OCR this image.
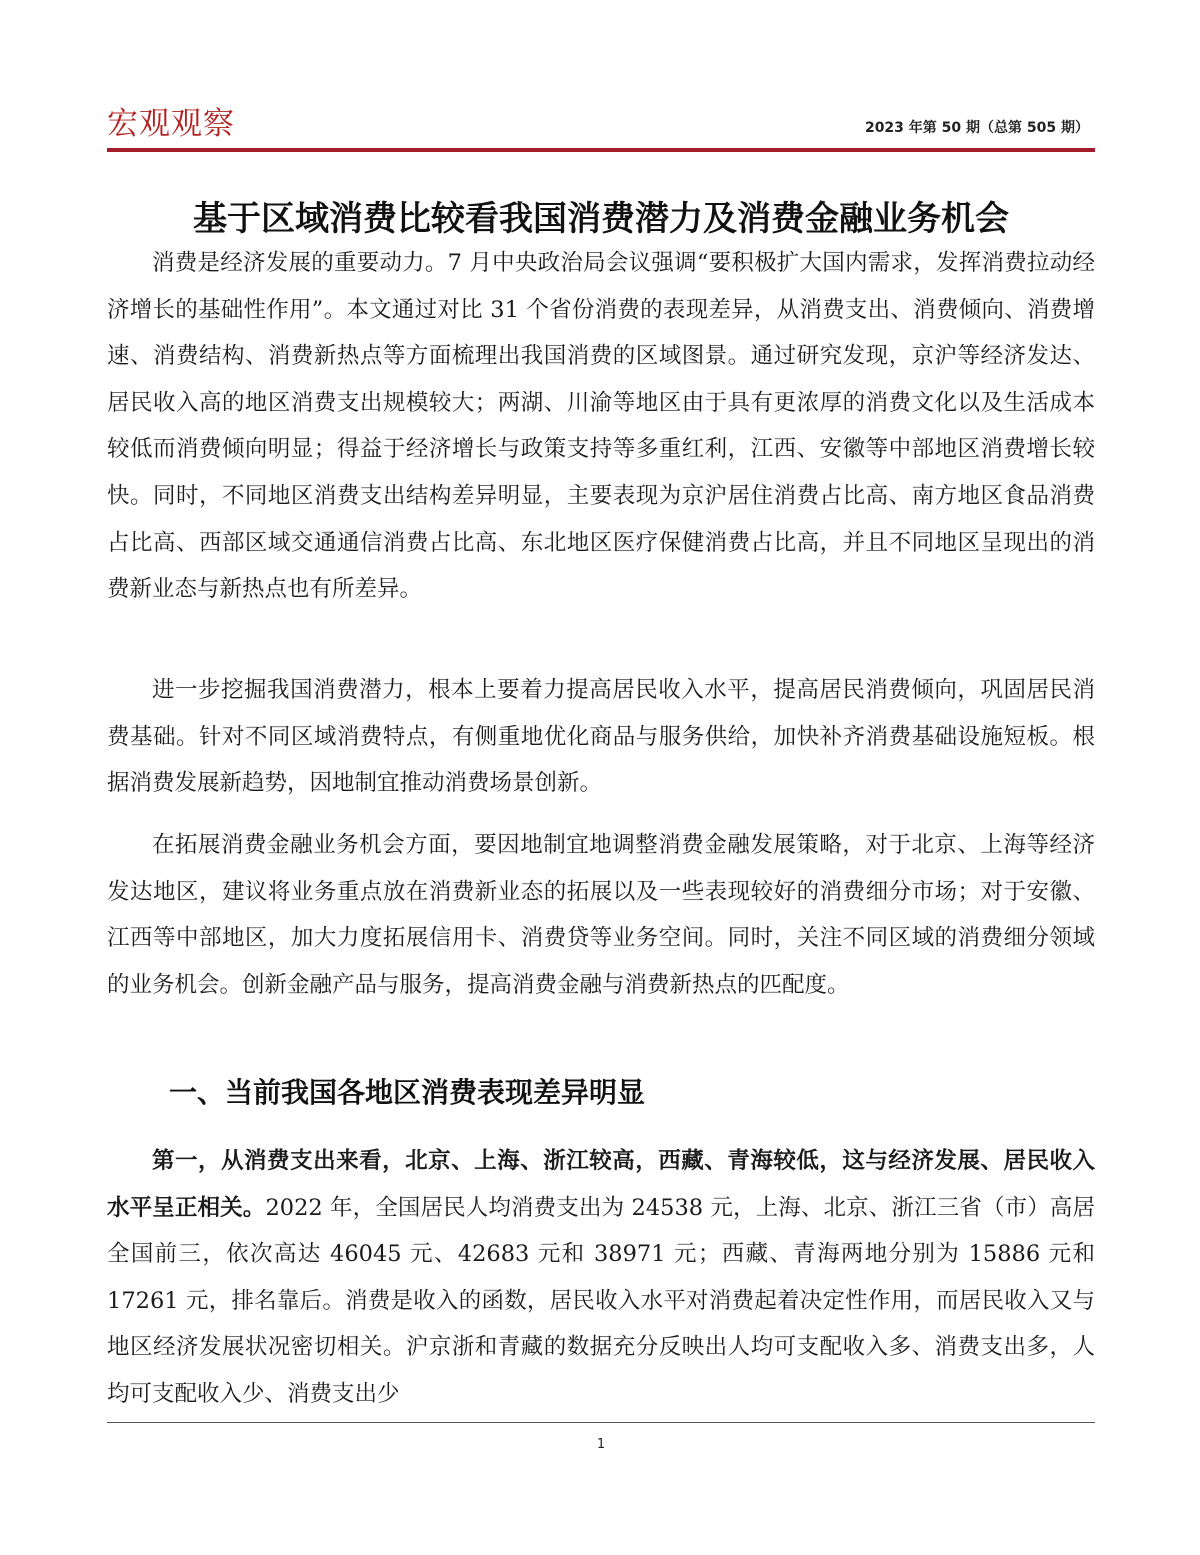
宏观观察	2023 年第 50 期（总第 505 期）
基于区域消费比较看我国消费潜力及消费金融业务机会

消费是经济发展的重要动力。7 月中央政治局会议强调“要积极扩大国内需求，发挥消费拉动经济增长的基础性作用”。本文通过对比 31 个省份消费的表现差异，从消费支出、消费倾向、消费增速、消费结构、消费新热点等方面梳理出我国消费的区域图景。通过研究发现，京沪等经济发达、居民收入高的地区消费支出规模较大；两湖、川渝等地区由于具有更浓厚的消费文化以及生活成本较低而消费倾向明显；得益于经济增长与政策支持等多重红利，江西、安徽等中部地区消费增长较快。同时，不同地区消费支出结构差异明显，主要表现为京沪居住消费占比高、南方地区食品消费占比高、西部区域交通通信消费占比高、东北地区医疗保健消费占比高，并且不同地区呈现出的消费新业态与新热点也有所差异。

进一步挖掘我国消费潜力，根本上要着力提高居民收入水平，提高居民消费倾向，巩固居民消费基础。针对不同区域消费特点，有侧重地优化商品与服务供给，加快补齐消费基础设施短板。根据消费发展新趋势，因地制宜推动消费场景创新。

在拓展消费金融业务机会方面，要因地制宜地调整消费金融发展策略，对于北京、上海等经济发达地区，建议将业务重点放在消费新业态的拓展以及一些表现较好的消费细分市场；对于安徽、江西等中部地区，加大力度拓展信用卡、消费贷等业务空间。同时，关注不同区域的消费细分领域的业务机会。创新金融产品与服务，提高消费金融与消费新热点的匹配度。

一、当前我国各地区消费表现差异明显

第一，从消费支出来看，北京、上海、浙江较高，西藏、青海较低，这与经济发展、居民收入水平呈正相关。2022 年，全国居民人均消费支出为 24538 元，上海、北京、浙江三省（市）高居全国前三，依次高达 46045 元、42683 元和 38971 元；西藏、青海两地分别为 15886 元和 17261 元，排名靠后。消费是收入的函数，居民收入水平对消费起着决定性作用，而居民收入又与地区经济发展状况密切相关。沪京浙和青藏的数据充分反映出人均可支配收入多、消费支出多，人均可支配收入少、消费支出少

1
